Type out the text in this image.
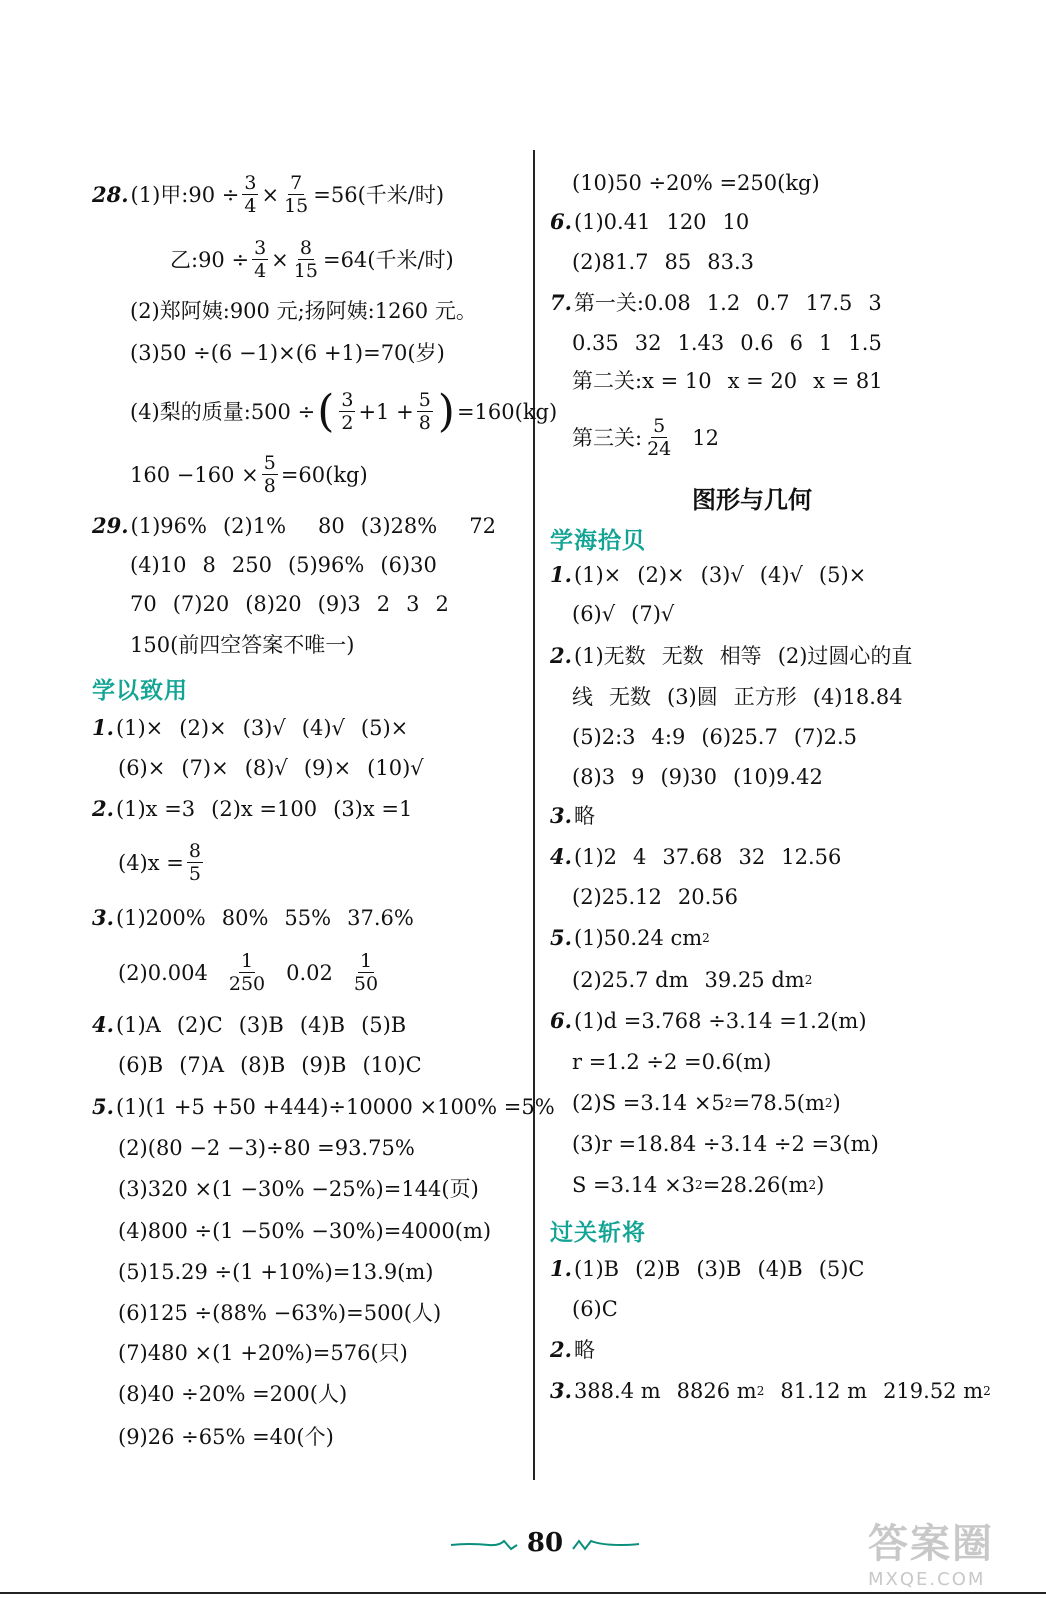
28. (1)甲:90 ÷ $\frac{3}{4} \times \frac{7}{15} =56$(千米/时)
乙:90 ÷ $\frac{3}{4} \times \frac{8}{15} =64$(千米/时)
(2)郑阿姨:900 元;扬阿姨:1260 元。
(3)50 ÷(6 −1)×(6 +1)=70(岁)
(4)梨的质量:500 ÷ ( $\frac{3}{2} +1 + \frac{5}{8}$ ) =160(kg)
$160 -160 \times \frac{5}{8} =60(kg)$
29. (1)96% (2)1% 80 (3)28% 72
(4)10 8 250 (5)96% (6)30
70 (7)20 (8)20 (9)3 2 3 2
150(前四空答案不唯一)
学以致用
1. (1)× (2)× (3)√ (4)√ (5)×
(6)× (7)× (8)√ (9)× (10)√
2. (1)x =3 (2)x =100 (3)x =1
$(4)x = \frac{8}{5}$
3. (1)200% 80% 55% 37.6%
$(2)0.004 \frac{1}{250} 0.02 \frac{1}{50}$
4. (1)A (2)C (3)B (4)B (5)B
(6)B (7)A (8)B (9)B (10)C
5. (1)(1 +5 +50 +444)÷10000 ×100% =5%
(2)(80 −2 −3)÷80 =93.75%
(3)320 ×(1 −30% −25%)=144(页)
(4)800 ÷(1 −50% −30%)=4000(m)
(5)15.29 ÷(1 +10%)=13.9(m)
(6)125 ÷(88% −63%)=500(人)
(7)480 ×(1 +20%)=576(只)
(8)40 ÷20% =200(人)
(9)26 ÷65% =40(个)
(10)50 ÷20% =250(kg)
6. (1)0.41 120 10
(2)81.7 85 83.3
7. 第一关:0.08 1.2 0.7 17.5 3
0.35 32 1.43 0.6 6 1 1.5
第二关:x = 10 x = 20 x = 81
第三关: $\frac{5}{24} 12$
图形与几何
学海拾贝
1. (1)× (2)× (3)√ (4)√ (5)×
(6)√ (7)√
2. (1)无数 无数 相等 (2)过圆心的直
线 无数 (3)圆 正方形 (4)18.84
(5)2:3 4:9 (6)25.7 (7)2.5
(8)3 9 (9)30 (10)9.42
3. 略
4. (1)2 4 37.68 32 12.56
(2)25.12 20.56
5. (1)50.24 cm 2
(2)25.7 dm 39.25 dm 2
6. (1)d =3.768 ÷3.14 =1.2(m)
r =1.2 ÷2 =0.6(m)
(2)S =3.14 ×5 2 =78.5(m 2 )
(3)r =18.84 ÷3.14 ÷2 =3(m)
S =3.14 ×3 2 =28.26(m 2 )
过关斩将
1. (1)B (2)B (3)B (4)B (5)C
(6)C
2. 略
3. 388.4 m 8826 m 2 81.12 m 219.52 m 2
80	答案圈
MXQE.COM
